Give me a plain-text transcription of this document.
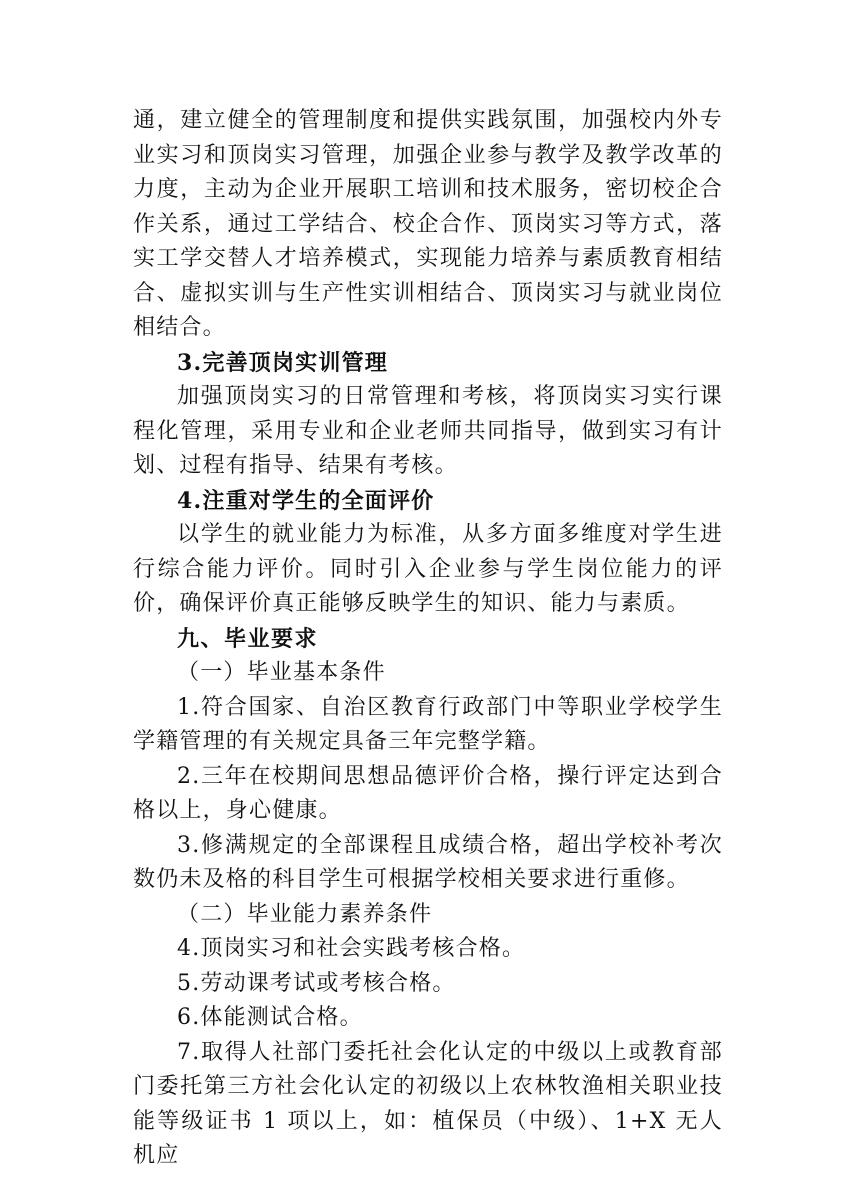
通，建立健全的管理制度和提供实践氛围，加强校内外专业实习和顶岗实习管理，加强企业参与教学及教学改革的力度，主动为企业开展职工培训和技术服务，密切校企合作关系，通过工学结合、校企合作、顶岗实习等方式，落实工学交替人才培养模式，实现能力培养与素质教育相结合、虚拟实训与生产性实训相结合、顶岗实习与就业岗位相结合。

3.完善顶岗实训管理

加强顶岗实习的日常管理和考核，将顶岗实习实行课程化管理，采用专业和企业老师共同指导，做到实习有计划、过程有指导、结果有考核。

4.注重对学生的全面评价

以学生的就业能力为标准，从多方面多维度对学生进行综合能力评价。同时引入企业参与学生岗位能力的评价，确保评价真正能够反映学生的知识、能力与素质。

九、毕业要求

（一）毕业基本条件

1.符合国家、自治区教育行政部门中等职业学校学生学籍管理的有关规定具备三年完整学籍。

2.三年在校期间思想品德评价合格，操行评定达到合格以上，身心健康。

3.修满规定的全部课程且成绩合格，超出学校补考次数仍未及格的科目学生可根据学校相关要求进行重修。

（二）毕业能力素养条件

4.顶岗实习和社会实践考核合格。

5.劳动课考试或考核合格。

6.体能测试合格。

7.取得人社部门委托社会化认定的中级以上或教育部门委托第三方社会化认定的初级以上农林牧渔相关职业技能等级证书 1 项以上，如：植保员（中级）、1+X 无人机应
